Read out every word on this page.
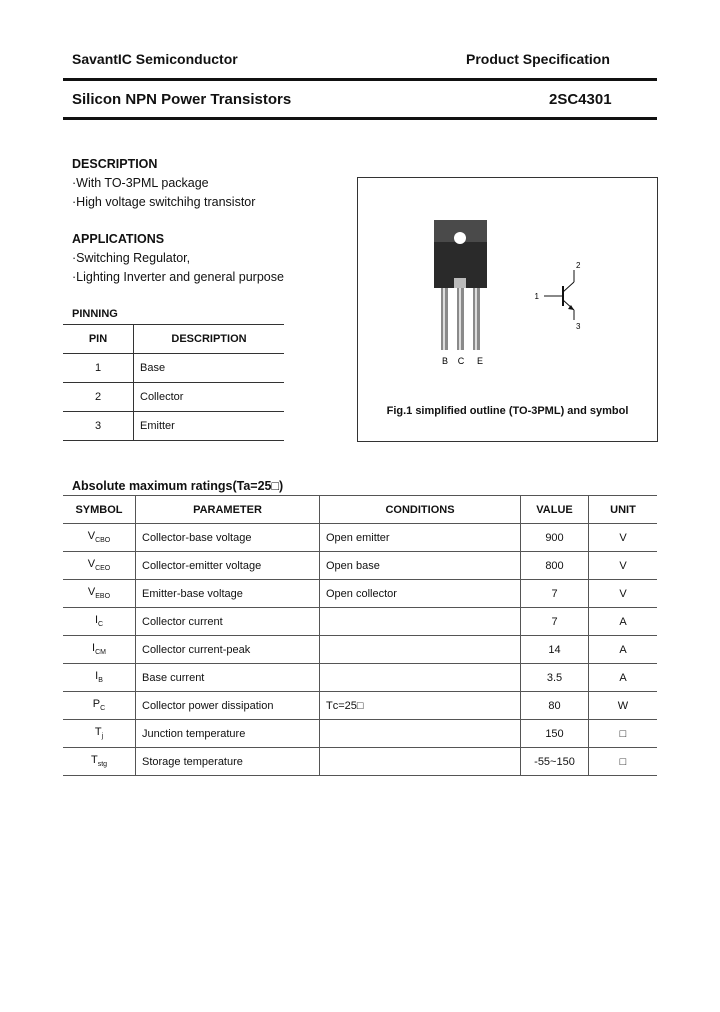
SavantIC Semiconductor	Product Specification
Silicon NPN Power Transistors	2SC4301
DESCRIPTION
·With TO-3PML package
·High voltage switchihg transistor
APPLICATIONS
·Switching Regulator,
·Lighting Inverter and general purpose
PINNING
PIN	DESCRIPTION
1	Base
2	Collector
3	Emitter
B C E
1
2
3
Fig.1 simplified outline (TO-3PML) and symbol
Absolute maximum ratings(Ta=25□)
SYMBOL	PARAMETER	CONDITIONS	VALUE	UNIT
$V_{CBO}$	Collector-base voltage	Open emitter	900	V
$V_{CEO}$	Collector-emitter voltage	Open base	800	V
$V_{EBO}$	Emitter-base voltage	Open collector	7	V
$I_C$	Collector current		7	A
$I_{CM}$	Collector current-peak		14	A
$I_B$	Base current		3.5	A
$P_C$	Collector power dissipation	Tᴄ=25□	80	W
$T_j$	Junction temperature		150	□
$T_{stg}$	Storage temperature		-55~150	□
